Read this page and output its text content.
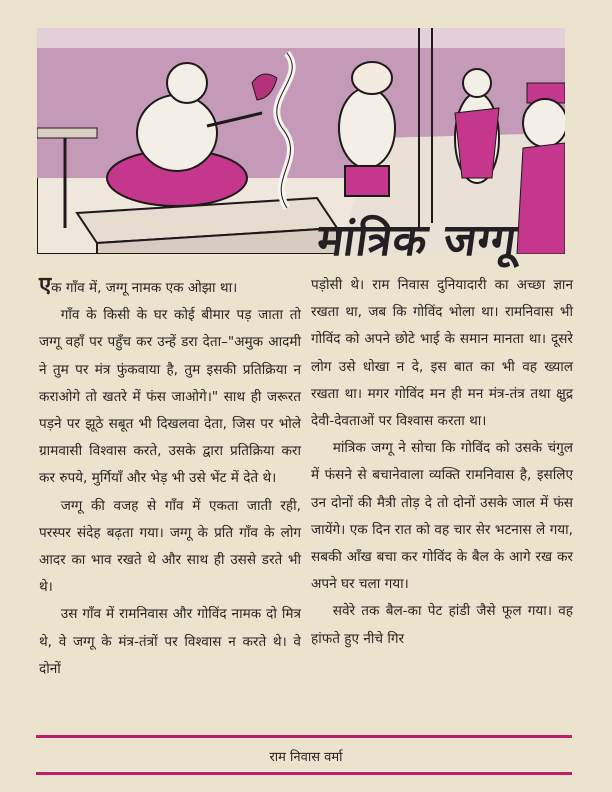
मांत्रिक जग्गू

एक गाँव में, जग्गू नामक एक ओझा था।

गाँव के किसी के घर कोई बीमार पड़ जाता तो जग्गू वहाँ पर पहुँच कर उन्हें डरा देता–"अमुक आदमी ने तुम पर मंत्र फुंकवाया है, तुम इसकी प्रतिक्रिया न कराओगे तो खतरे में फंस जाओगे।" साथ ही जरूरत पड़ने पर झूठे सबूत भी दिखलवा देता, जिस पर भोले ग्रामवासी विश्वास करते, उसके द्वारा प्रतिक्रिया करा कर रुपये, मुर्गियाँ और भेड़ भी उसे भेंट में देते थे।

जग्गू की वजह से गाँव में एकता जाती रही, परस्पर संदेह बढ़ता गया। जग्गू के प्रति गाँव के लोग आदर का भाव रखते थे और साथ ही उससे डरते भी थे।

उस गाँव में रामनिवास और गोविंद नामक दो मित्र थे, वे जग्गू के मंत्र-तंत्रों पर विश्वास न करते थे। वे दोनों

पड़ोसी थे। राम निवास दुनियादारी का अच्छा ज्ञान रखता था, जब कि गोविंद भोला था। रामनिवास भी गोविंद को अपने छोटे भाई के समान मानता था। दूसरे लोग उसे धोखा न दे, इस बात का भी वह ख्याल रखता था। मगर गोविंद मन ही मन मंत्र-तंत्र तथा क्षुद्र देवी-देवताओं पर विश्वास करता था।

मांत्रिक जग्गू ने सोचा कि गोविंद को उसके चंगुल में फंसने से बचानेवाला व्यक्ति रामनिवास है, इसलिए उन दोनों की मैत्री तोड़ दे तो दोनों उसके जाल में फंस जायेंगे। एक दिन रात को वह चार सेर भटनास ले गया, सबकी आँख बचा कर गोविंद के बैल के आगे रख कर अपने घर चला गया।

सवेरे तक बैल-का पेट हांडी जैसे फूल गया। वह हांफते हुए नीचे गिर

राम निवास वर्मा
